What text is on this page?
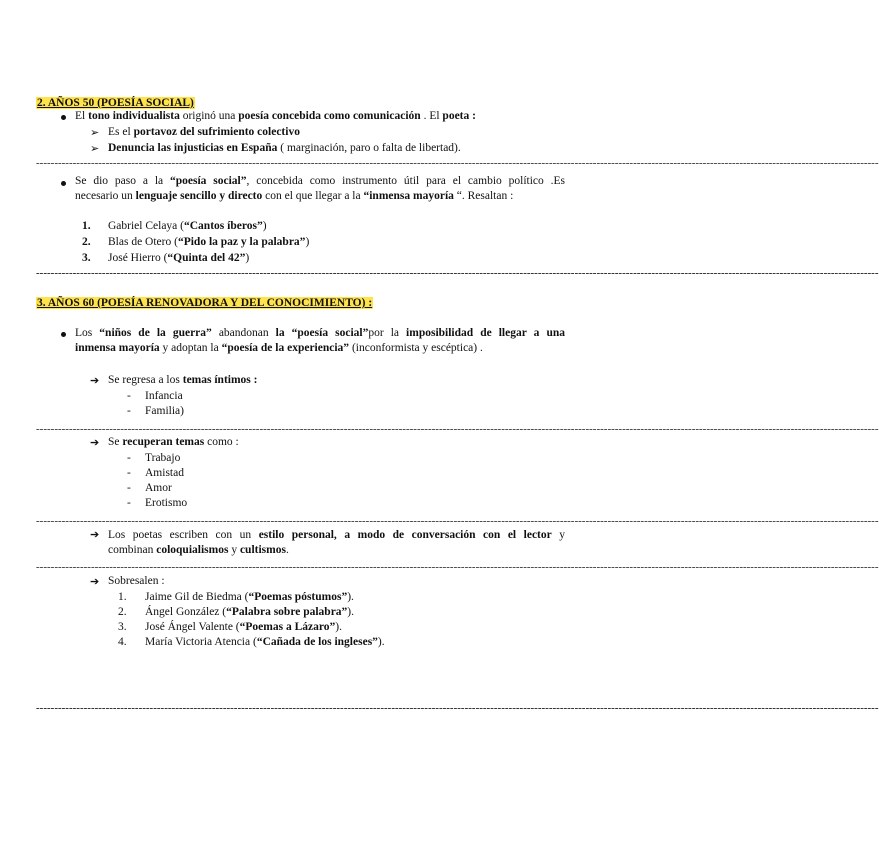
2. AÑOS 50 (POESÍA SOCIAL)
El tono individualista originó una poesía concebida como comunicación . El poeta :
➢ Es el portavoz del sufrimiento colectivo
➢ Denuncia las injusticias en España ( marginación, paro o falta de libertad).
--------------------------------------------------------------------------------------------------------------------------------------------------------------------------------------------------------------------------------------
Se dio paso a la “poesía social”, concebida como instrumento útil para el cambio político .Es
necesario un lenguaje sencillo y directo con el que llegar a la “inmensa mayoría “. Resaltan :
1. Gabriel Celaya (“Cantos íberos”)
2. Blas de Otero (“Pido la paz y la palabra”)
3. José Hierro (“Quinta del 42”)
--------------------------------------------------------------------------------------------------------------------------------------------------------------------------------------------------------------------------------------
3. AÑOS 60 (POESÍA RENOVADORA Y DEL CONOCIMIENTO) :
Los “niños de la guerra” abandonan la “poesía social”por la imposibilidad de llegar a una
inmensa mayoría y adoptan la “poesía de la experiencia” (inconformista y escéptica) .
➔ Se regresa a los temas íntimos :
- Infancia
- Familia)
--------------------------------------------------------------------------------------------------------------------------------------------------------------------------------------------------------------------------------------
➔ Se recuperan temas como :
- Trabajo
- Amistad
- Amor
- Erotismo
--------------------------------------------------------------------------------------------------------------------------------------------------------------------------------------------------------------------------------------
➔ Los poetas escriben con un estilo personal, a modo de conversación con el lector y
combinan coloquialismos y cultismos.
--------------------------------------------------------------------------------------------------------------------------------------------------------------------------------------------------------------------------------------
➔ Sobresalen :
1. Jaime Gil de Biedma (“Poemas póstumos”).
2. Ángel González (“Palabra sobre palabra”).
3. José Ángel Valente (“Poemas a Lázaro”).
4. María Victoria Atencia (“Cañada de los ingleses”).
--------------------------------------------------------------------------------------------------------------------------------------------------------------------------------------------------------------------------------------
